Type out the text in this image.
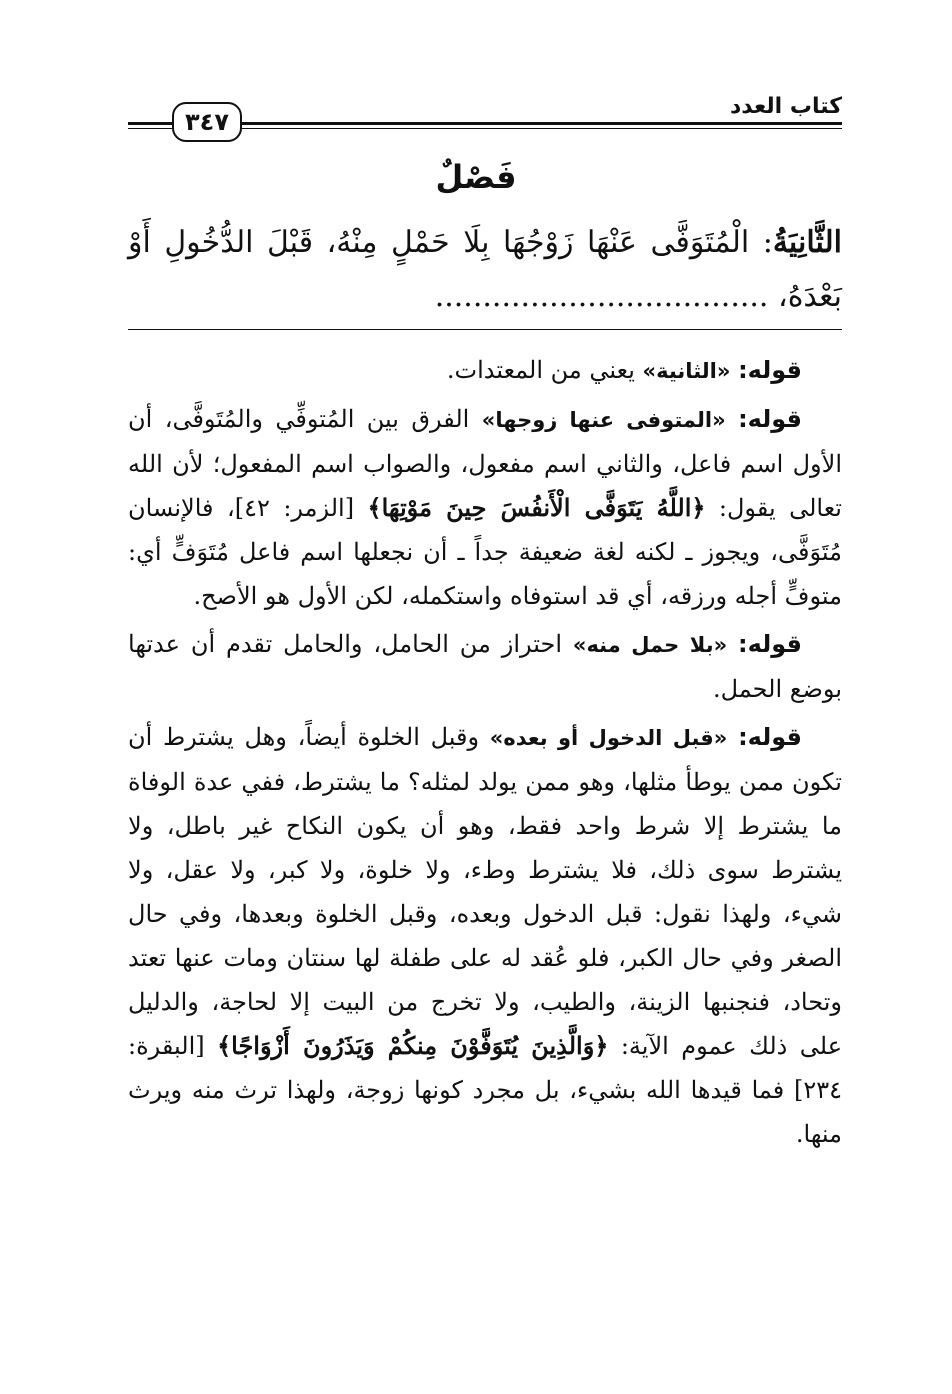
كتاب العدد
٣٤٧
فَصْلٌ
الثَّانِيَةُ: الْمُتَوَفَّى عَنْهَا زَوْجُهَا بِلَا حَمْلٍ مِنْهُ، قَبْلَ الدُّخُولِ أَوْ بَعْدَهُ، ...................................

قوله: «الثانية» يعني من المعتدات.

قوله: «المتوفى عنها زوجها» الفرق بين المُتوفِّي والمُتَوفَّى، أن الأول اسم فاعل، والثاني اسم مفعول، والصواب اسم المفعول؛ لأن الله تعالى يقول: ﴿اللَّهُ يَتَوَفَّى الْأَنفُسَ حِينَ مَوْتِهَا﴾ [الزمر: ٤٢]، فالإنسان مُتَوَفَّى، ويجوز ـ لكنه لغة ضعيفة جداً ـ أن نجعلها اسم فاعل مُتَوَفٍّ أي: متوفٍّ أجله ورزقه، أي قد استوفاه واستكمله، لكن الأول هو الأصح.

قوله: «بلا حمل منه» احتراز من الحامل، والحامل تقدم أن عدتها بوضع الحمل.

قوله: «قبل الدخول أو بعده» وقبل الخلوة أيضاً، وهل يشترط أن تكون ممن يوطأ مثلها، وهو ممن يولد لمثله؟ ما يشترط، ففي عدة الوفاة ما يشترط إلا شرط واحد فقط، وهو أن يكون النكاح غير باطل، ولا يشترط سوى ذلك، فلا يشترط وطء، ولا خلوة، ولا كبر، ولا عقل، ولا شيء، ولهذا نقول: قبل الدخول وبعده، وقبل الخلوة وبعدها، وفي حال الصغر وفي حال الكبر، فلو عُقد له على طفلة لها سنتان ومات عنها تعتد وتحاد، فنجنبها الزينة، والطيب، ولا تخرج من البيت إلا لحاجة، والدليل على ذلك عموم الآية: ﴿وَالَّذِينَ يُتَوَفَّوْنَ مِنكُمْ وَيَذَرُونَ أَزْوَاجًا﴾ [البقرة: ٢٣٤] فما قيدها الله بشيء، بل مجرد كونها زوجة، ولهذا ترث منه ويرث منها.
